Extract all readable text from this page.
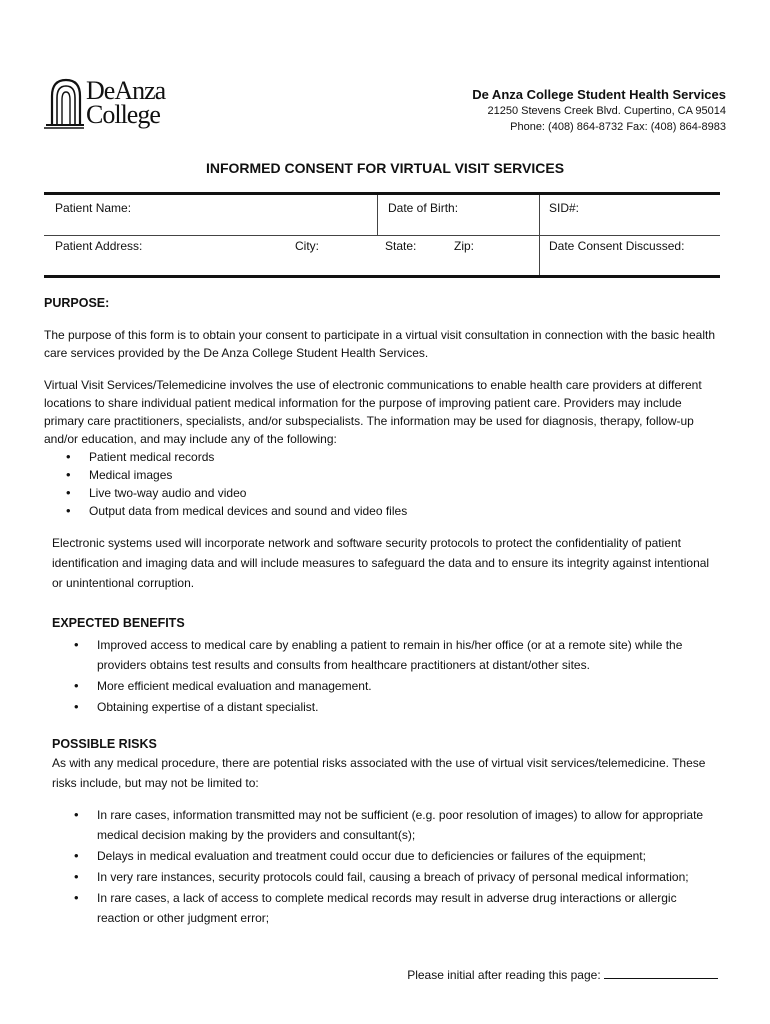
DeAnza
College
De Anza College Student Health Services
21250 Stevens Creek Blvd. Cupertino, CA 95014
Phone: (408) 864-8732 Fax: (408) 864-8983
INFORMED CONSENT FOR VIRTUAL VISIT SERVICES
Patient Name:	Date of Birth:	SID#:
Patient Address:	City:	State:	Zip:	Date Consent Discussed:
PURPOSE:
The purpose of this form is to obtain your consent to participate in a virtual visit consultation in connection with the basic health care services provided by the De Anza College Student Health Services.
Virtual Visit Services/Telemedicine involves the use of electronic communications to enable health care providers at different locations to share individual patient medical information for the purpose of improving patient care. Providers may include primary care practitioners, specialists, and/or subspecialists. The information may be used for diagnosis, therapy, follow-up and/or education, and may include any of the following:
• Patient medical records
• Medical images
• Live two-way audio and video
• Output data from medical devices and sound and video files
Electronic systems used will incorporate network and software security protocols to protect the confidentiality of patient identification and imaging data and will include measures to safeguard the data and to ensure its integrity against intentional or unintentional corruption.
EXPECTED BENEFITS
• Improved access to medical care by enabling a patient to remain in his/her office (or at a remote site) while the providers obtains test results and consults from healthcare practitioners at distant/other sites.
• More efficient medical evaluation and management.
• Obtaining expertise of a distant specialist.
POSSIBLE RISKS
As with any medical procedure, there are potential risks associated with the use of virtual visit services/telemedicine. These risks include, but may not be limited to:
• In rare cases, information transmitted may not be sufficient (e.g. poor resolution of images) to allow for appropriate medical decision making by the providers and consultant(s);
• Delays in medical evaluation and treatment could occur due to deficiencies or failures of the equipment;
• In very rare instances, security protocols could fail, causing a breach of privacy of personal medical information;
• In rare cases, a lack of access to complete medical records may result in adverse drug interactions or allergic reaction or other judgment error;
Please initial after reading this page:
